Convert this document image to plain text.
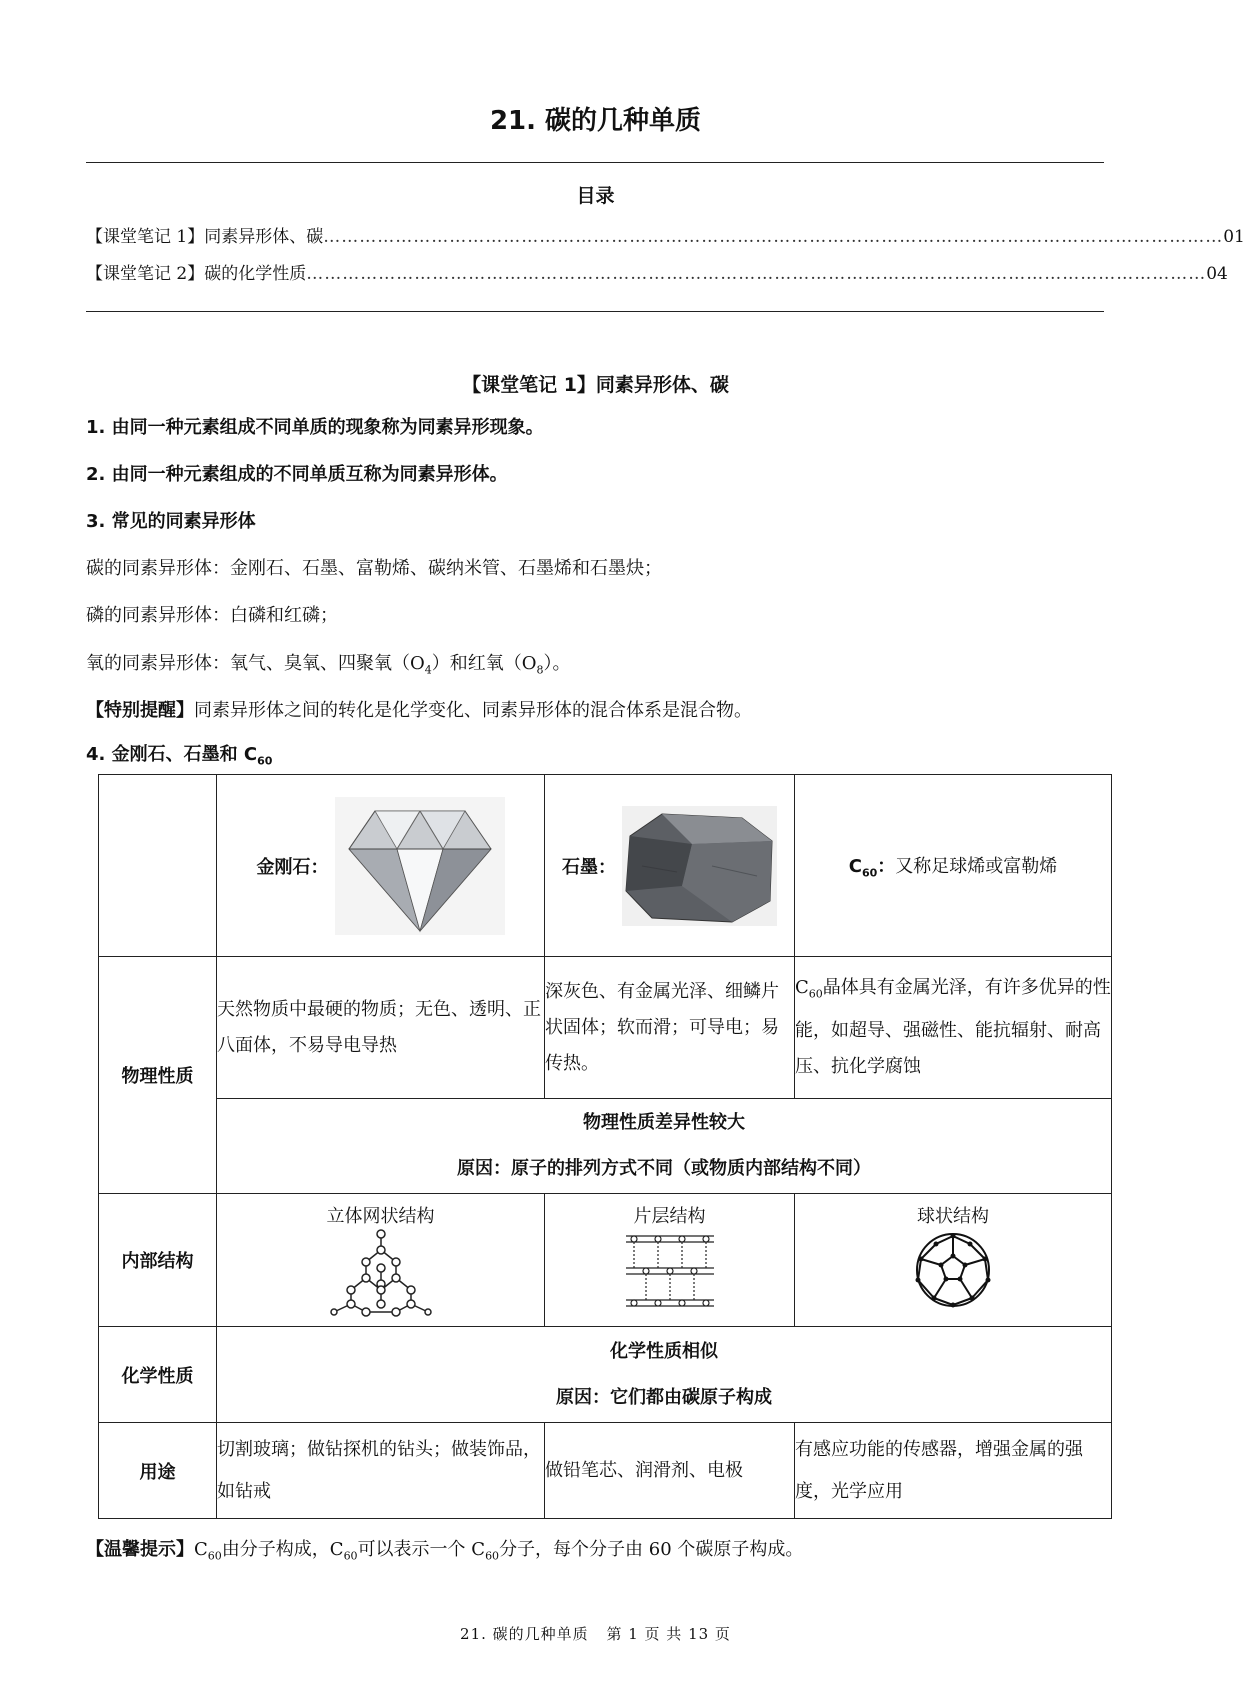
21. 碳的几种单质
目录
【课堂笔记 1】同素异形体、碳 …………………………………………………………………………………………………………………………………… 01
【课堂笔记 2】碳的化学性质 …………………………………………………………………………………………………………………………………… 04
【课堂笔记 1】同素异形体、碳
1. 由同一种元素组成不同单质的现象称为同素异形现象。
2. 由同一种元素组成的不同单质互称为同素异形体。
3. 常见的同素异形体
碳的同素异形体：金刚石、石墨、富勒烯、碳纳米管、石墨烯和石墨炔；
磷的同素异形体：白磷和红磷；
氧的同素异形体：氧气、臭氧、四聚氧$(O_4)$和红氧$(O_8)$。
【特别提醒】同素异形体之间的转化是化学变化、同素异形体的混合体系是混合物。
4. 金刚石、石墨和 $C_{60}$

	金刚石：	石墨：	$C_{60}$：又称足球烯或富勒烯
物理性质	天然物质中最硬的物质；无色、透明、正八面体，不易导电导热	深灰色、有金属光泽、细鳞片状固体；软而滑；可导电；易传热。	$C_{60}$晶体具有金属光泽，有许多优异的性能，如超导、强磁性、能抗辐射、耐高压、抗化学腐蚀

	物理性质差异性较大
原因：原子的排列方式不同（或物质内部结构不同）		

内部结构	立体网状结构	片层结构	球状结构

化学性质	化学性质相似
原因：它们都由碳原子构成		

用途	切割玻璃；做钻探机的钻头；做装饰品，如钻戒	做铅笔芯、润滑剂、电极	有感应功能的传感器，增强金属的强度，光学应用
【温馨提示】$C_{60}$由分子构成，$C_{60}$可以表示一个 $C_{60}$分子，每个分子由 60 个碳原子构成。
21. 碳的几种单质 第 1 页 共 13 页
